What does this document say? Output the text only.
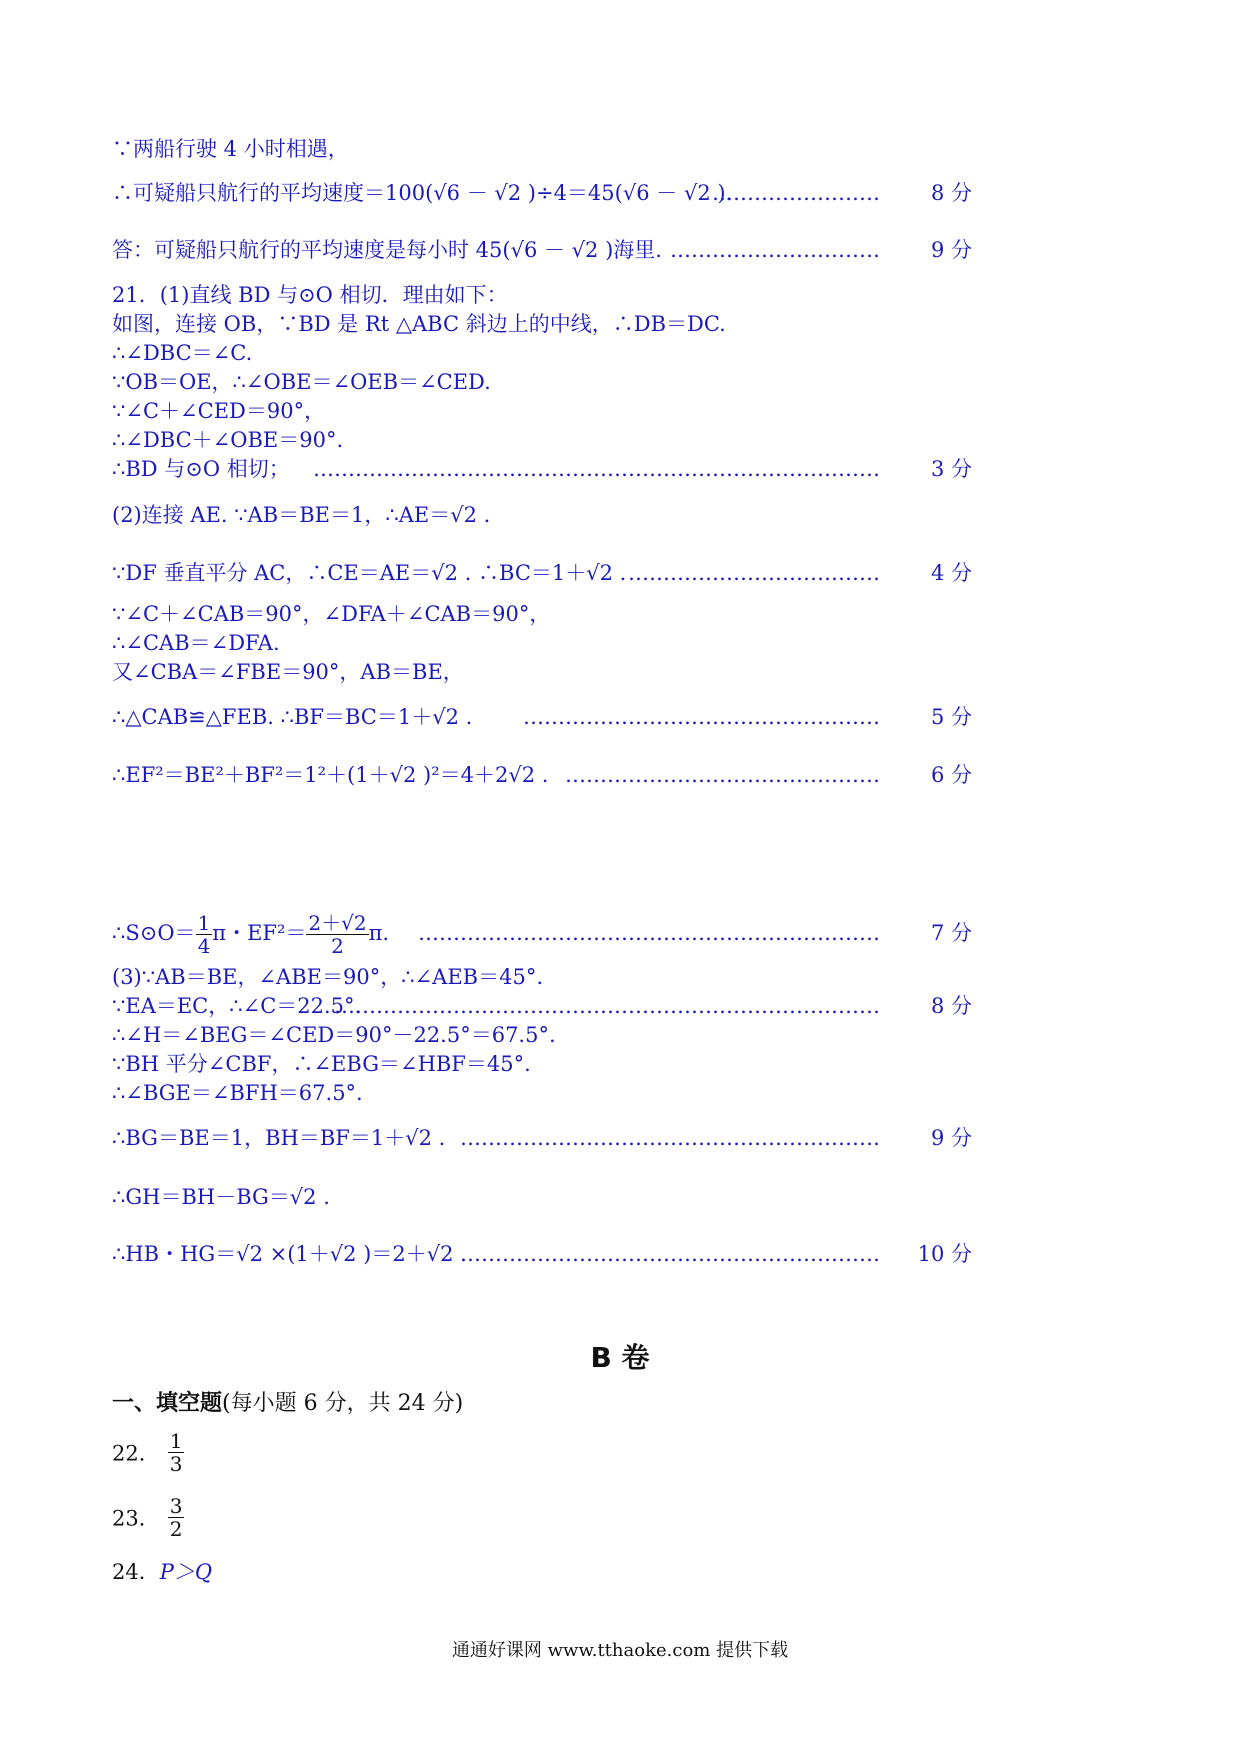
∵两船行驶 4 小时相遇，
∴可疑船只航行的平均速度＝100(√6 － √2 )÷4＝45(√6 － √2 ).
……………………	8 分
答：可疑船只航行的平均速度是每小时 45(√6 － √2 )海里. …………………………	9 分
21．(1)直线 BD 与⊙O 相切．理由如下：
如图，连接 OB，∵BD 是 Rt △ABC 斜边上的中线，∴DB＝DC.
∴∠DBC＝∠C.
∵OB＝OE，∴∠OBE＝∠OEB＝∠CED.
∵∠C＋∠CED＝90°，
∴∠DBC＋∠OBE＝90°.
∴BD 与⊙O 相切； ………………………………………………………………………	3 分
(2)连接 AE. ∵AB＝BE＝1，∴AE＝√2 .
∵DF 垂直平分 AC，∴CE＝AE＝√2 . ∴BC＝1＋√2 . ………………………………	4 分
∵∠C＋∠CAB＝90°，∠DFA＋∠CAB＝90°，
∴∠CAB＝∠DFA.
又∠CBA＝∠FBE＝90°，AB＝BE，
∴△CAB≌△FEB. ∴BF＝BC＝1＋√2 . ……………………………………………	5 分
∴EF²＝BE²＋BF²＝1²＋(1＋√2 )²＝4＋2√2 . ………………………………………	6 分
∴S⊙O＝ $\frac{1}{4}$ π・$EF^2= \frac{2+√2}{2} \pi$. …………………………………………………………	7 分
(3)∵AB＝BE，∠ABE＝90°，∴∠AEB＝45°.
∵EA＝EC，∴∠C＝22.5°.
……………………………………………………………………	8 分
∴∠H＝∠BEG＝∠CED＝90°－22.5°＝67.5°.
∵BH 平分∠CBF，∴∠EBG＝∠HBF＝45°.
∴∠BGE＝∠BFH＝67.5°.
∴BG＝BE＝1，BH＝BF＝1＋√2 . ……………………………………………………	9 分
∴GH＝BH－BG＝√2 .
∴HB・HG＝√2 ×(1＋√2 )＝2＋√2 .
……………………………………………………	10 分
B 卷
一、填空题(每小题 6 分，共 24 分)
22． $\frac{1}{3}$
23． $\frac{3}{2}$
24．P＞Q
通通好课网 www.tthaoke.com 提供下载
